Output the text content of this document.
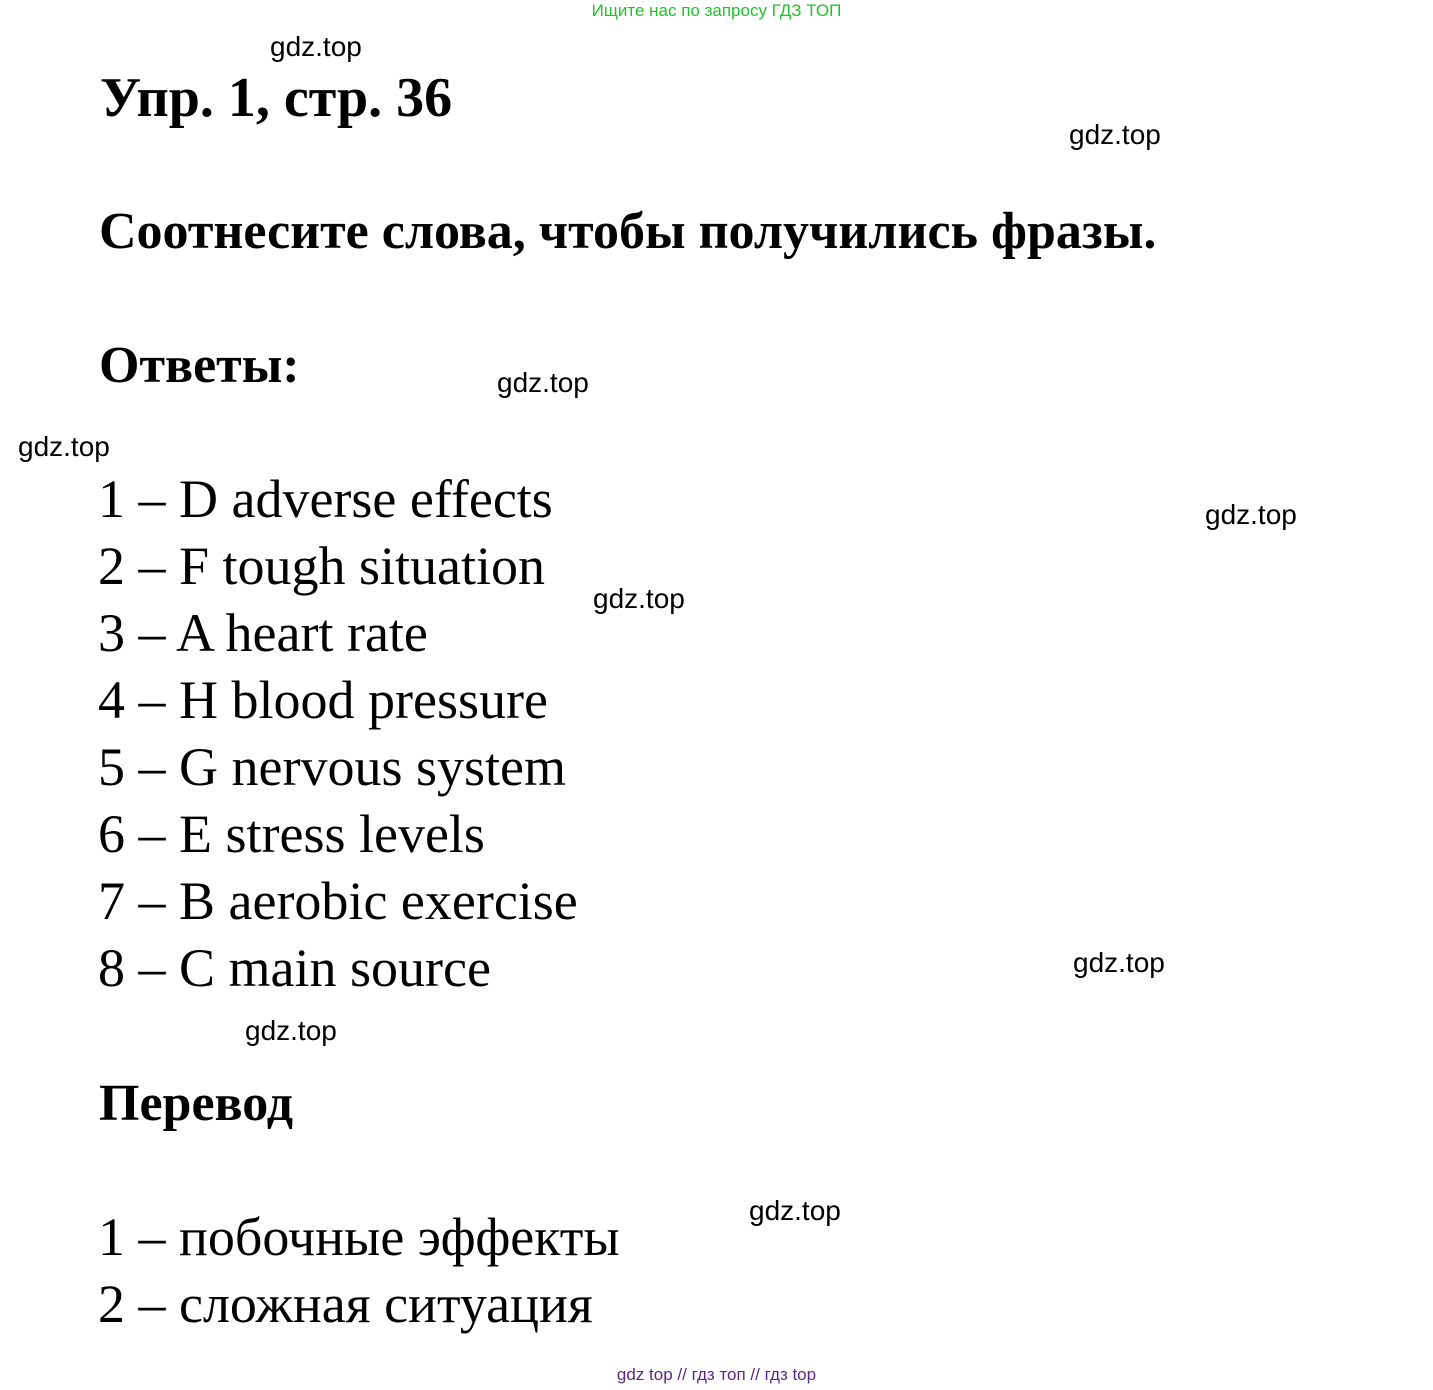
Ищите нас по запросу ГДЗ ТОП
gdz.top
Упр. 1, стр. 36
gdz.top
Соотнесите слова, чтобы получились фразы.
Ответы:	gdz.top
gdz.top
1 – D adverse effects
2 – F tough situation
3 – A heart rate
4 – H blood pressure
5 – G nervous system
6 – E stress levels
7 – B aerobic exercise
8 – C main source
gdz.top
gdz.top
gdz.top
gdz.top
Перевод
gdz.top
1 – побочные эффекты
2 – сложная ситуация
gdz top // гдз топ // гдз top
